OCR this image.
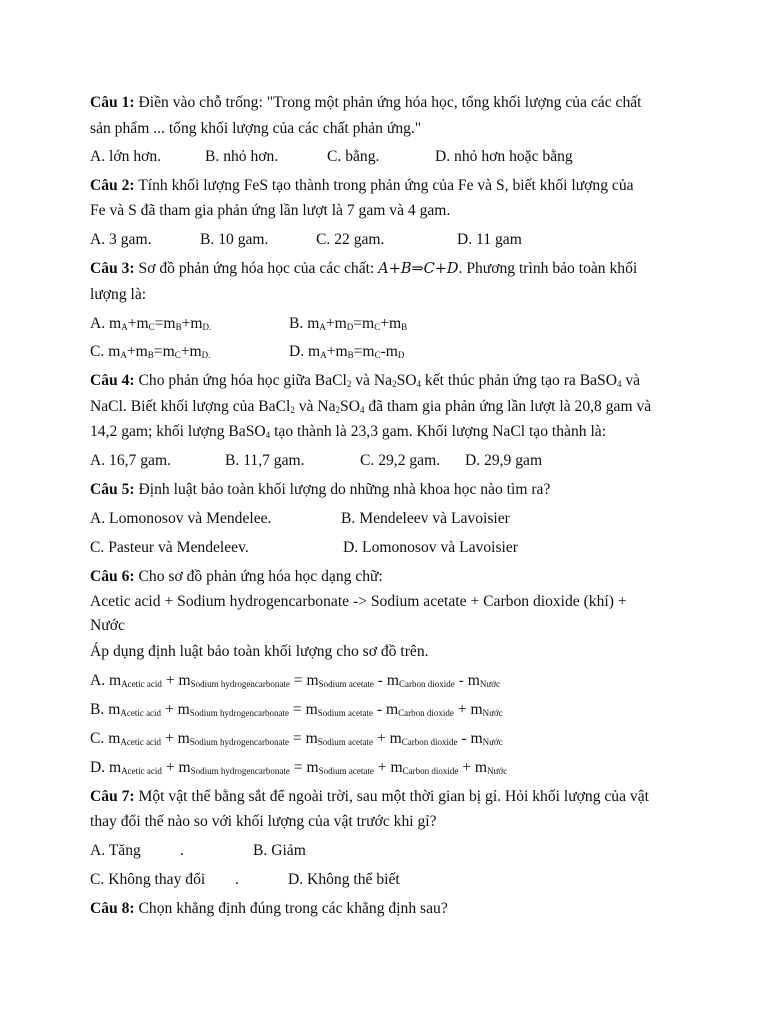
Câu 1: Điền vào chỗ trống: "Trong một phản ứng hóa học, tổng khối lượng của các chất
sản phẩm ... tổng khối lượng của các chất phản ứng."
A. lớn hơn.	B. nhỏ hơn.	C. bằng.	D. nhỏ hơn hoặc bằng
Câu 2: Tính khối lượng FeS tạo thành trong phản ứng của Fe và S, biết khối lượng của
Fe và S đã tham gia phản ứng lần lượt là 7 gam và 4 gam.
A. 3 gam.	B. 10 gam.	C. 22 gam.	D. 11 gam
Câu 3: Sơ đồ phản ứng hóa học của các chất: A+B⇒C+D. Phương trình bảo toàn khối
lượng là:
A. $m_A+m_C=m_B+m_{D.}$	B. $m_A+m_D=m_C+m_B$
C. $m_A+m_B=m_C+m_{D.}$	D. $m_A+m_B=m_C-m_D$
Câu 4: Cho phản ứng hóa học giữa BaCl$_2$ và $Na_2SO_4$ kết thúc phản ứng tạo ra BaSO$_4$ và
NaCl. Biết khối lượng của BaCl$_2$ và $Na_2SO_4$ đã tham gia phản ứng lần lượt là 20,8 gam và
14,2 gam; khối lượng BaSO$_4$ tạo thành là 23,3 gam. Khối lượng NaCl tạo thành là:
A. 16,7 gam.	B. 11,7 gam.	C. 29,2 gam. D. 29,9 gam
Câu 5: Định luật bảo toàn khối lượng do những nhà khoa học nào tìm ra?
A. Lomonosov và Mendelee.	B. Mendeleev và Lavoisier
C. Pasteur và Mendeleev.	D. Lomonosov và Lavoisier
Câu 6: Cho sơ đồ phản ứng hóa học dạng chữ:
Acetic acid + Sodium hydrogencarbonate -> Sodium acetate + Carbon dioxide (khí) +
Nước
Áp dụng định luật bảo toàn khối lượng cho sơ đồ trên.
A. $m_{Acetic acid} + m_{Sodium hydrogencarbonate} = m_{Sodium acetate} - m_{Carbon dioxide} - m_{Nước}$
B. $m_{Acetic acid} + m_{Sodium hydrogencarbonate} = m_{Sodium acetate} - m_{Carbon dioxide} + m_{Nước}$
C. $m_{Acetic acid} + m_{Sodium hydrogencarbonate} = m_{Sodium acetate} + m_{Carbon dioxide} - m_{Nước}$
D. $m_{Acetic acid} + m_{Sodium hydrogencarbonate} = m_{Sodium acetate} + m_{Carbon dioxide} + m_{Nước}$
Câu 7: Một vật thể bằng sắt để ngoài trời, sau một thời gian bị gỉ. Hỏi khối lượng của vật
thay đổi thế nào so với khối lượng của vật trước khi gỉ?
A. Tăng	.	B. Giảm
C. Không thay đổi .	D. Không thể biết
Câu 8: Chọn khẳng định đúng trong các khẳng định sau?
